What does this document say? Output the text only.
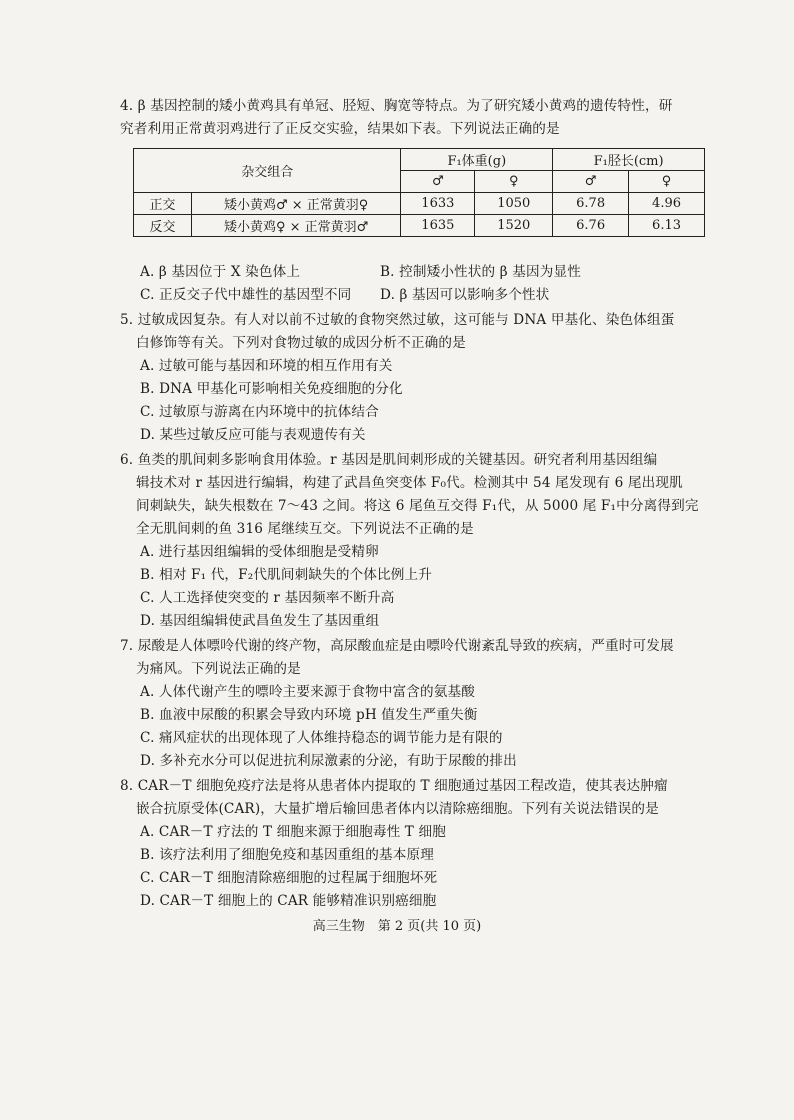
4. β 基因控制的矮小黄鸡具有单冠、胫短、胸宽等特点。为了研究矮小黄鸡的遗传特性，研
究者利用正常黄羽鸡进行了正反交实验，结果如下表。下列说法正确的是
杂交组合		F₁体重(g)		F₁胫长(cm)	
		♂	♀	♂	♀
正交	矮小黄鸡♂ × 正常黄羽♀	1633	1050	6.78	4.96
反交	矮小黄鸡♀ × 正常黄羽♂	1635	1520	6.76	6.13
A. β 基因位于 X 染色体上	B. 控制矮小性状的 β 基因为显性
C. 正反交子代中雄性的基因型不同 D. β 基因可以影响多个性状
5. 过敏成因复杂。有人对以前不过敏的食物突然过敏，这可能与 DNA 甲基化、染色体组蛋
白修饰等有关。下列对食物过敏的成因分析不正确的是
A. 过敏可能与基因和环境的相互作用有关
B. DNA 甲基化可影响相关免疫细胞的分化
C. 过敏原与游离在内环境中的抗体结合
D. 某些过敏反应可能与表观遗传有关
6. 鱼类的肌间刺多影响食用体验。r 基因是肌间刺形成的关键基因。研究者利用基因组编
辑技术对 r 基因进行编辑，构建了武昌鱼突变体 F₀代。检测其中 54 尾发现有 6 尾出现肌
间刺缺失，缺失根数在 7～43 之间。将这 6 尾鱼互交得 F₁代，从 5000 尾 F₁中分离得到完
全无肌间刺的鱼 316 尾继续互交。下列说法不正确的是
A. 进行基因组编辑的受体细胞是受精卵
B. 相对 F₁ 代，F₂代肌间刺缺失的个体比例上升
C. 人工选择使突变的 r 基因频率不断升高
D. 基因组编辑使武昌鱼发生了基因重组
7. 尿酸是人体嘌呤代谢的终产物，高尿酸血症是由嘌呤代谢紊乱导致的疾病，严重时可发展
为痛风。下列说法正确的是
A. 人体代谢产生的嘌呤主要来源于食物中富含的氨基酸
B. 血液中尿酸的积累会导致内环境 pH 值发生严重失衡
C. 痛风症状的出现体现了人体维持稳态的调节能力是有限的
D. 多补充水分可以促进抗利尿激素的分泌，有助于尿酸的排出
8. CAR－T 细胞免疫疗法是将从患者体内提取的 T 细胞通过基因工程改造，使其表达肿瘤
嵌合抗原受体(CAR)，大量扩增后输回患者体内以清除癌细胞。下列有关说法错误的是
A. CAR－T 疗法的 T 细胞来源于细胞毒性 T 细胞
B. 该疗法利用了细胞免疫和基因重组的基本原理
C. CAR－T 细胞清除癌细胞的过程属于细胞坏死
D. CAR－T 细胞上的 CAR 能够精准识别癌细胞
高三生物　第 2 页(共 10 页)
